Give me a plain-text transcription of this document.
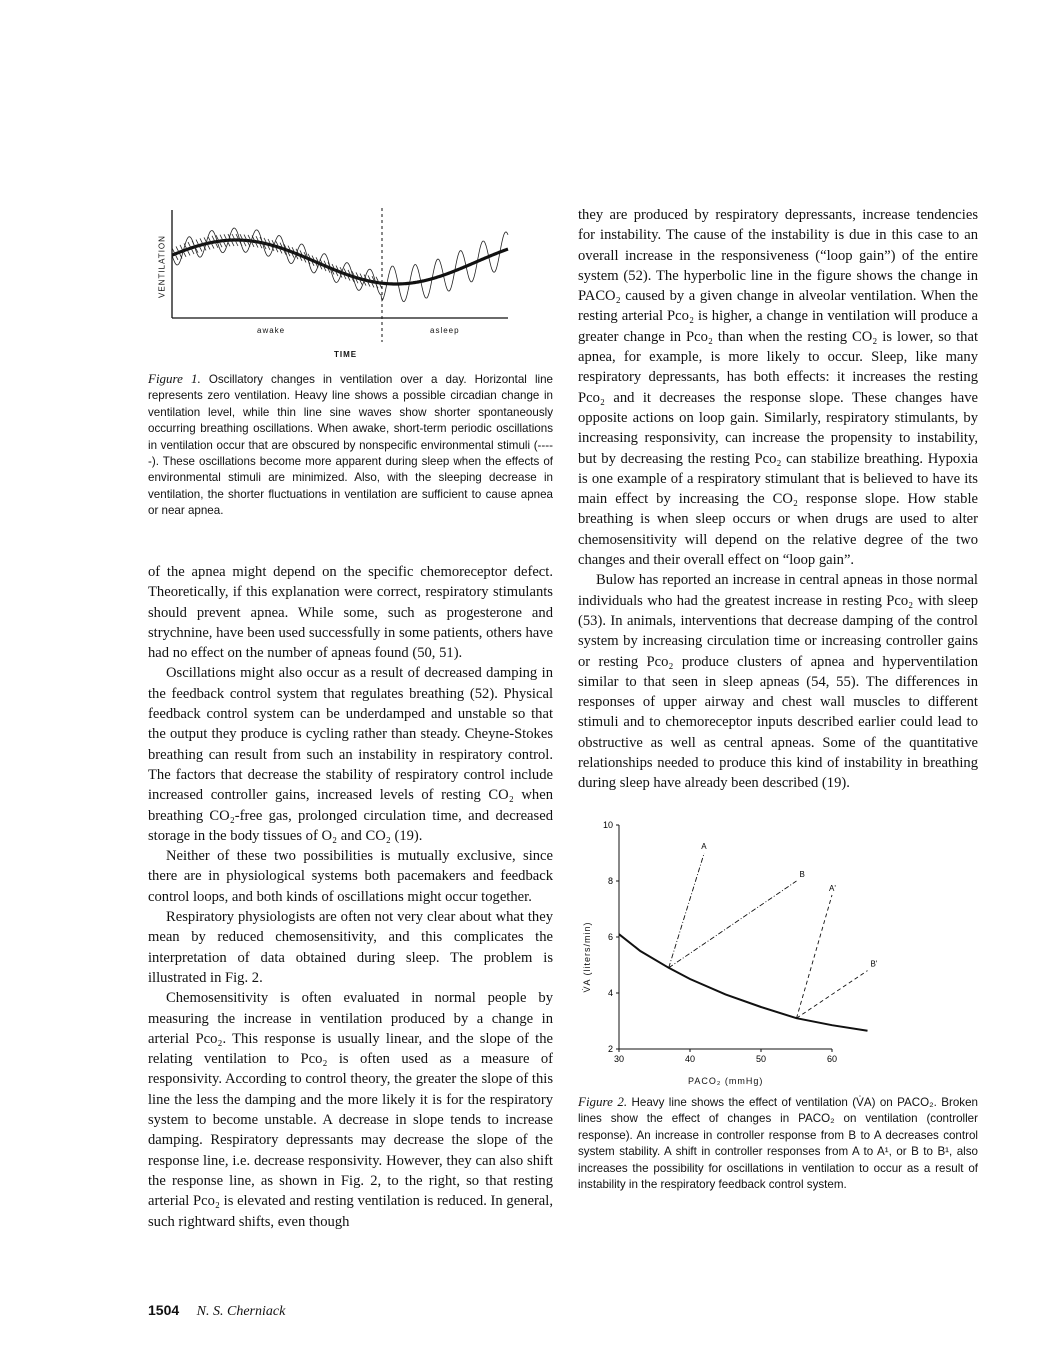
VENTILATION
awake	asleep
TIME
Figure 1. Oscillatory changes in ventilation over a day. Horizontal line represents zero ventilation. Heavy line shows a possible circadian change in ventilation level, while thin line sine waves show shorter spontaneously occurring breathing oscillations. When awake, short-term periodic oscillations in ventilation occur that are obscured by nonspecific environmental stimuli (-----). These oscillations become more apparent during sleep when the effects of environmental stimuli are minimized. Also, with the sleeping decrease in ventilation, the shorter fluctuations in ventilation are sufficient to cause apnea or near apnea.

of the apnea might depend on the specific chemoreceptor defect. Theoretically, if this explanation were correct, respiratory stimulants should prevent apnea. While some, such as progesterone and strychnine, have been used successfully in some patients, others have had no effect on the number of apneas found (50, 51).

Oscillations might also occur as a result of decreased damping in the feedback control system that regulates breathing (52). Physical feedback control system can be underdamped and unstable so that the output they produce is cycling rather than steady. Cheyne-Stokes breathing can result from such an instability in respiratory control. The factors that decrease the stability of respiratory control include increased controller gains, increased levels of resting CO₂ when breathing CO₂-free gas, prolonged circulation time, and decreased storage in the body tissues of O₂ and CO₂ (19).

Neither of these two possibilities is mutually exclusive, since there are in physiological systems both pacemakers and feedback control loops, and both kinds of oscillations might occur together.

Respiratory physiologists are often not very clear about what they mean by reduced chemosensitivity, and this complicates the interpretation of data obtained during sleep. The problem is illustrated in Fig. 2.

Chemosensitivity is often evaluated in normal people by measuring the increase in ventilation produced by a change in arterial Pco₂. This response is usually linear, and the slope of the relating ventilation to Pco₂ is often used as a measure of responsivity. According to control theory, the greater the slope of this line the less the damping and the more likely it is for the respiratory system to become unstable. A decrease in slope tends to increase damping. Respiratory depressants may decrease the slope of the response line, i.e. decrease responsivity. However, they can also shift the response line, as shown in Fig. 2, to the right, so that resting arterial Pco₂ is elevated and resting ventilation is reduced. In general, such rightward shifts, even though

they are produced by respiratory depressants, increase tendencies for instability. The cause of the instability is due in this case to an overall increase in the responsiveness (“loop gain”) of the entire system (52). The hyperbolic line in the figure shows the change in PACO₂ caused by a given change in alveolar ventilation. When the resting arterial Pco₂ is higher, a change in ventilation will produce a greater change in Pco₂ than when the resting CO₂ is lower, so that apnea, for example, is more likely to occur. Sleep, like many respiratory depressants, has both effects: it increases the resting Pco₂ and it decreases the response slope. These changes have opposite actions on loop gain. Similarly, respiratory stimulants, by increasing responsivity, can increase the propensity to instability, but by decreasing the resting Pco₂ can stabilize breathing. Hypoxia is one example of a respiratory stimulant that is believed to have its main effect by increasing the CO₂ response slope. How stable breathing is when sleep occurs or when drugs are used to alter chemosensitivity will depend on the relative degree of the two changes and their overall effect on “loop gain”.

Bulow has reported an increase in central apneas in those normal individuals who had the greatest increase in resting Pco₂ with sleep (53). In animals, interventions that decrease damping of the control system by increasing circulation time or increasing controller gains or resting Pco₂ produce clusters of apnea and hyperventilation similar to that seen in sleep apneas (54, 55). The differences in responses of upper airway and chest wall muscles to different stimuli and to chemoreceptor inputs described earlier could lead to obstructive as well as central apneas. Some of the quantitative relationships needed to produce this kind of instability in breathing during sleep have already been described (19).

2
4
6
8
10
30	40	50	60
A
B
A'
B'
V̇A (liters/min)
PACO₂ (mmHg)
Figure 2. Heavy line shows the effect of ventilation (V̇A) on PACO₂. Broken lines show the effect of changes in PACO₂ on ventilation (controller response). An increase in controller response from B to A decreases control system stability. A shift in controller responses from A to A¹, or B to B¹, also increases the possibility for oscillations in ventilation to occur as a result of instability in the respiratory feedback control system.
1504 N. S. Cherniack
